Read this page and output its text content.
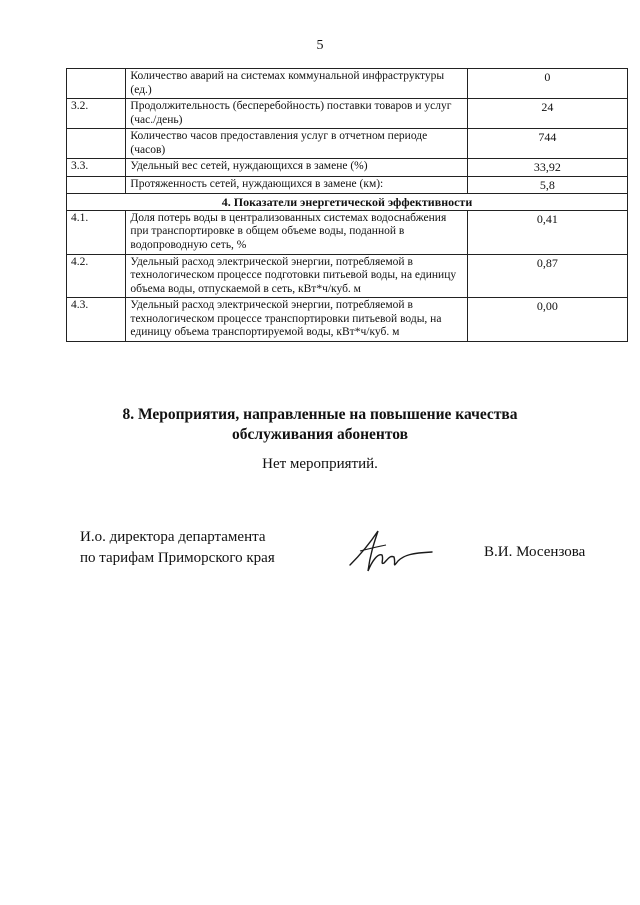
5
	Количество аварий на системах коммунальной инфраструктуры (ед.)	0
3.2.	Продолжительность (бесперебойность) поставки товаров и услуг (час./день)	24
	Количество часов предоставления услуг в отчетном периоде (часов)	744
3.3.	Удельный вес сетей, нуждающихся в замене (%)	33,92
	Протяженность сетей, нуждающихся в замене (км):	5,8
4. Показатели энергетической эффективности		
4.1.	Доля потерь воды в централизованных системах водоснабжения при транспортировке в общем объеме воды, поданной в водопроводную сеть, %	0,41
4.2.	Удельный расход электрической энергии, потребляемой в технологическом процессе подготовки питьевой воды, на единицу объема воды, отпускаемой в сеть, кВт*ч/куб. м	0,87
4.3.	Удельный расход электрической энергии, потребляемой в технологическом процессе транспортировки питьевой воды, на единицу объема транспортируемой воды, кВт*ч/куб. м	0,00
8. Мероприятия, направленные на повышение качества
обслуживания абонентов
Нет мероприятий.
И.о. директора департамента
по тарифам Приморского края	В.И. Мосензова
